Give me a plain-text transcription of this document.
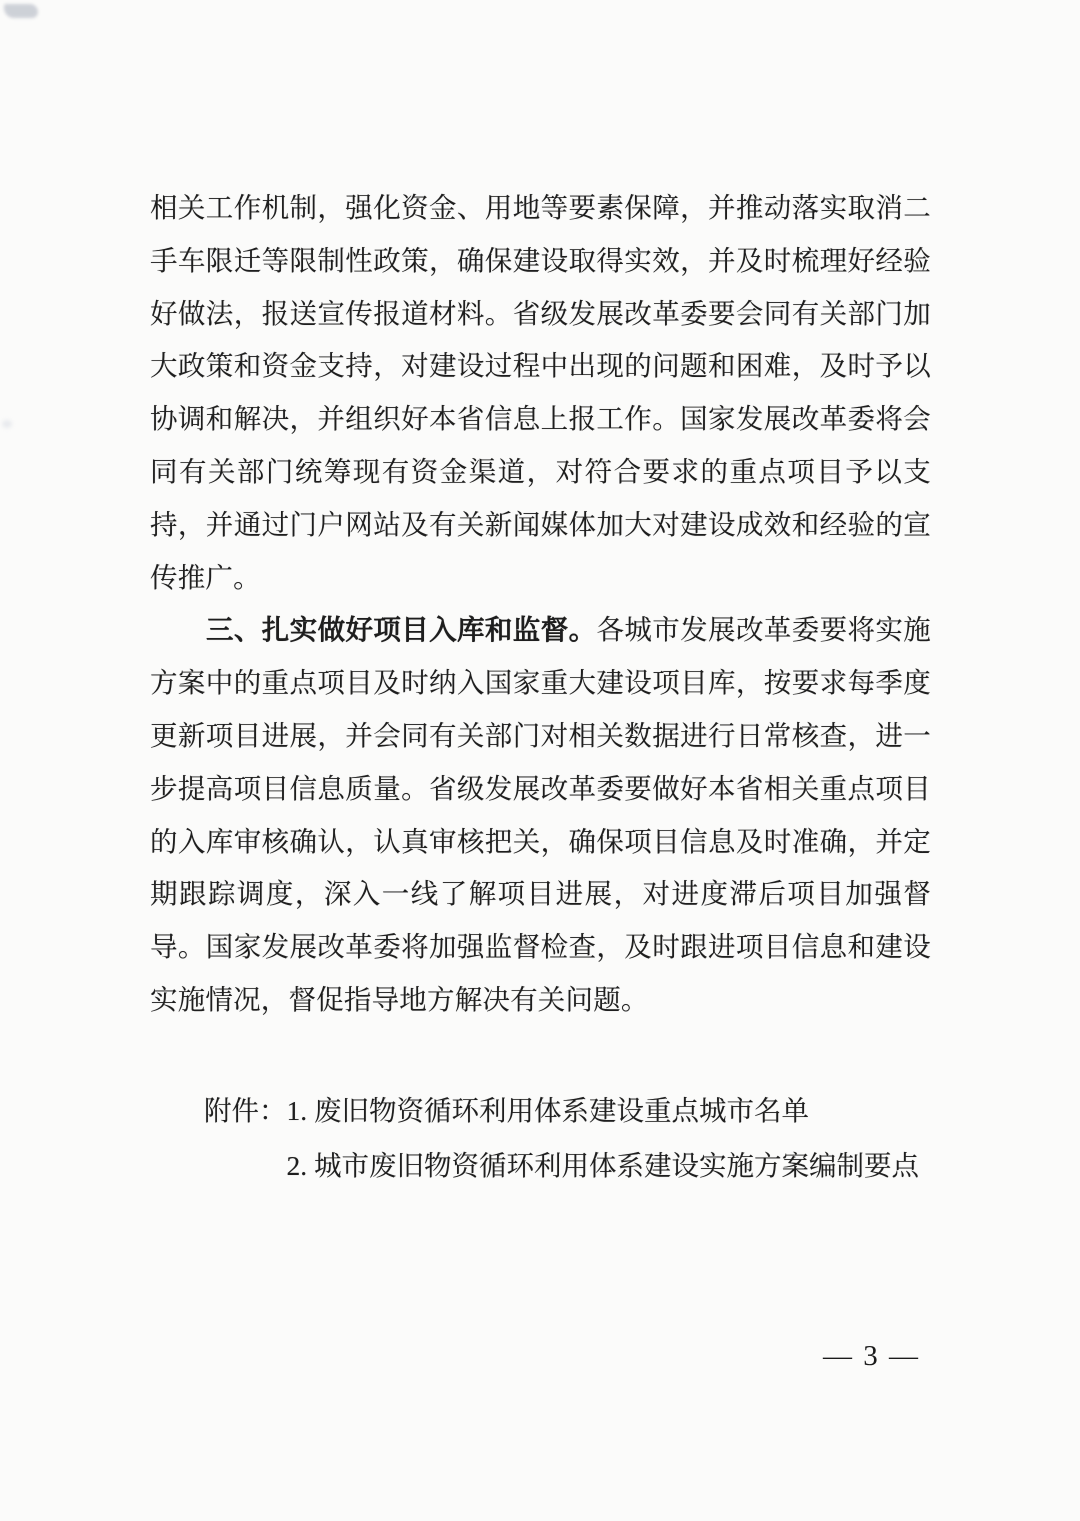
相关工作机制，强化资金、用地等要素保障，并推动落实取消二
手车限迁等限制性政策，确保建设取得实效，并及时梳理好经验
好做法，报送宣传报道材料。省级发展改革委要会同有关部门加
大政策和资金支持，对建设过程中出现的问题和困难，及时予以
协调和解决，并组织好本省信息上报工作。国家发展改革委将会
同有关部门统筹现有资金渠道，对符合要求的重点项目予以支
持，并通过门户网站及有关新闻媒体加大对建设成效和经验的宣
传推广。
三、扎实做好项目入库和监督。各城市发展改革委要将实施
方案中的重点项目及时纳入国家重大建设项目库，按要求每季度
更新项目进展，并会同有关部门对相关数据进行日常核查，进一
步提高项目信息质量。省级发展改革委要做好本省相关重点项目
的入库审核确认，认真审核把关，确保项目信息及时准确，并定
期跟踪调度，深入一线了解项目进展，对进度滞后项目加强督
导。国家发展改革委将加强监督检查，及时跟进项目信息和建设
实施情况，督促指导地方解决有关问题。
附件： 1. 废旧物资循环利用体系建设重点城市名单
2. 城市废旧物资循环利用体系建设实施方案编制要点
— 3 —
